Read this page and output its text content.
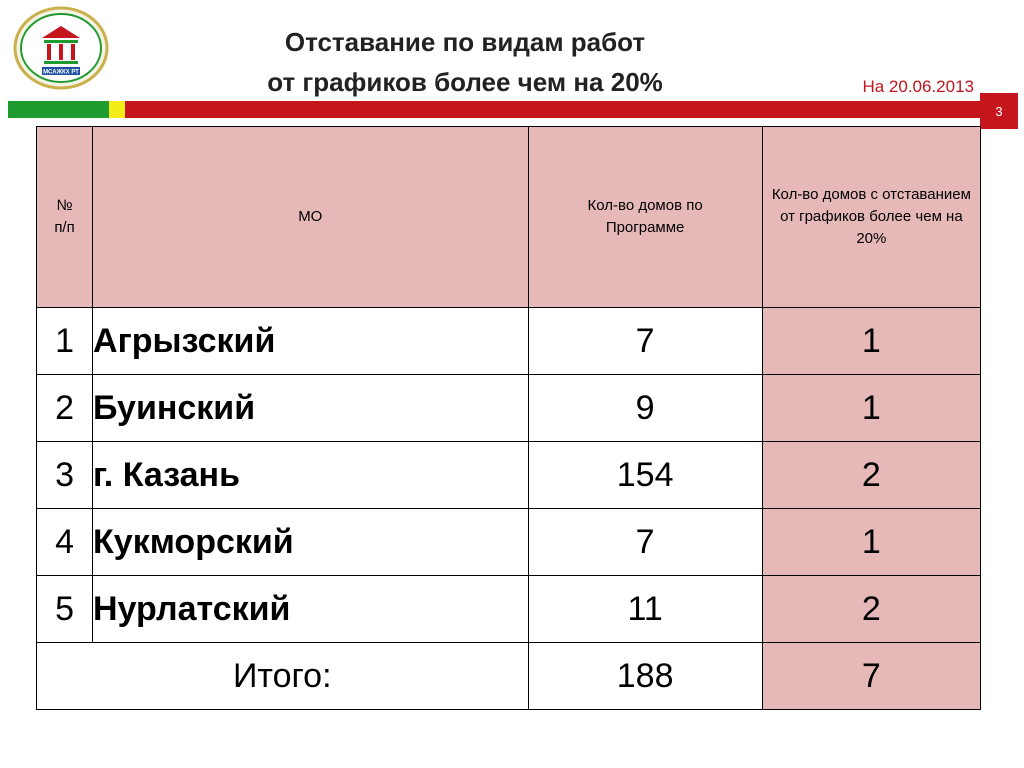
МСАЖКХ РТ
Отставание по видам работ
от графиков более чем на 20%	На 20.06.2013
3
№
п/п	МО	Кол-во домов по Программе	Кол-во домов с отставанием от графиков более чем на 20%

1	Агрызский	7	1
2	Буинский	9	1
3	г. Казань	154	2
4	Кукморский	7	1
5	Нурлатский	11	2
Итого:		188	7
